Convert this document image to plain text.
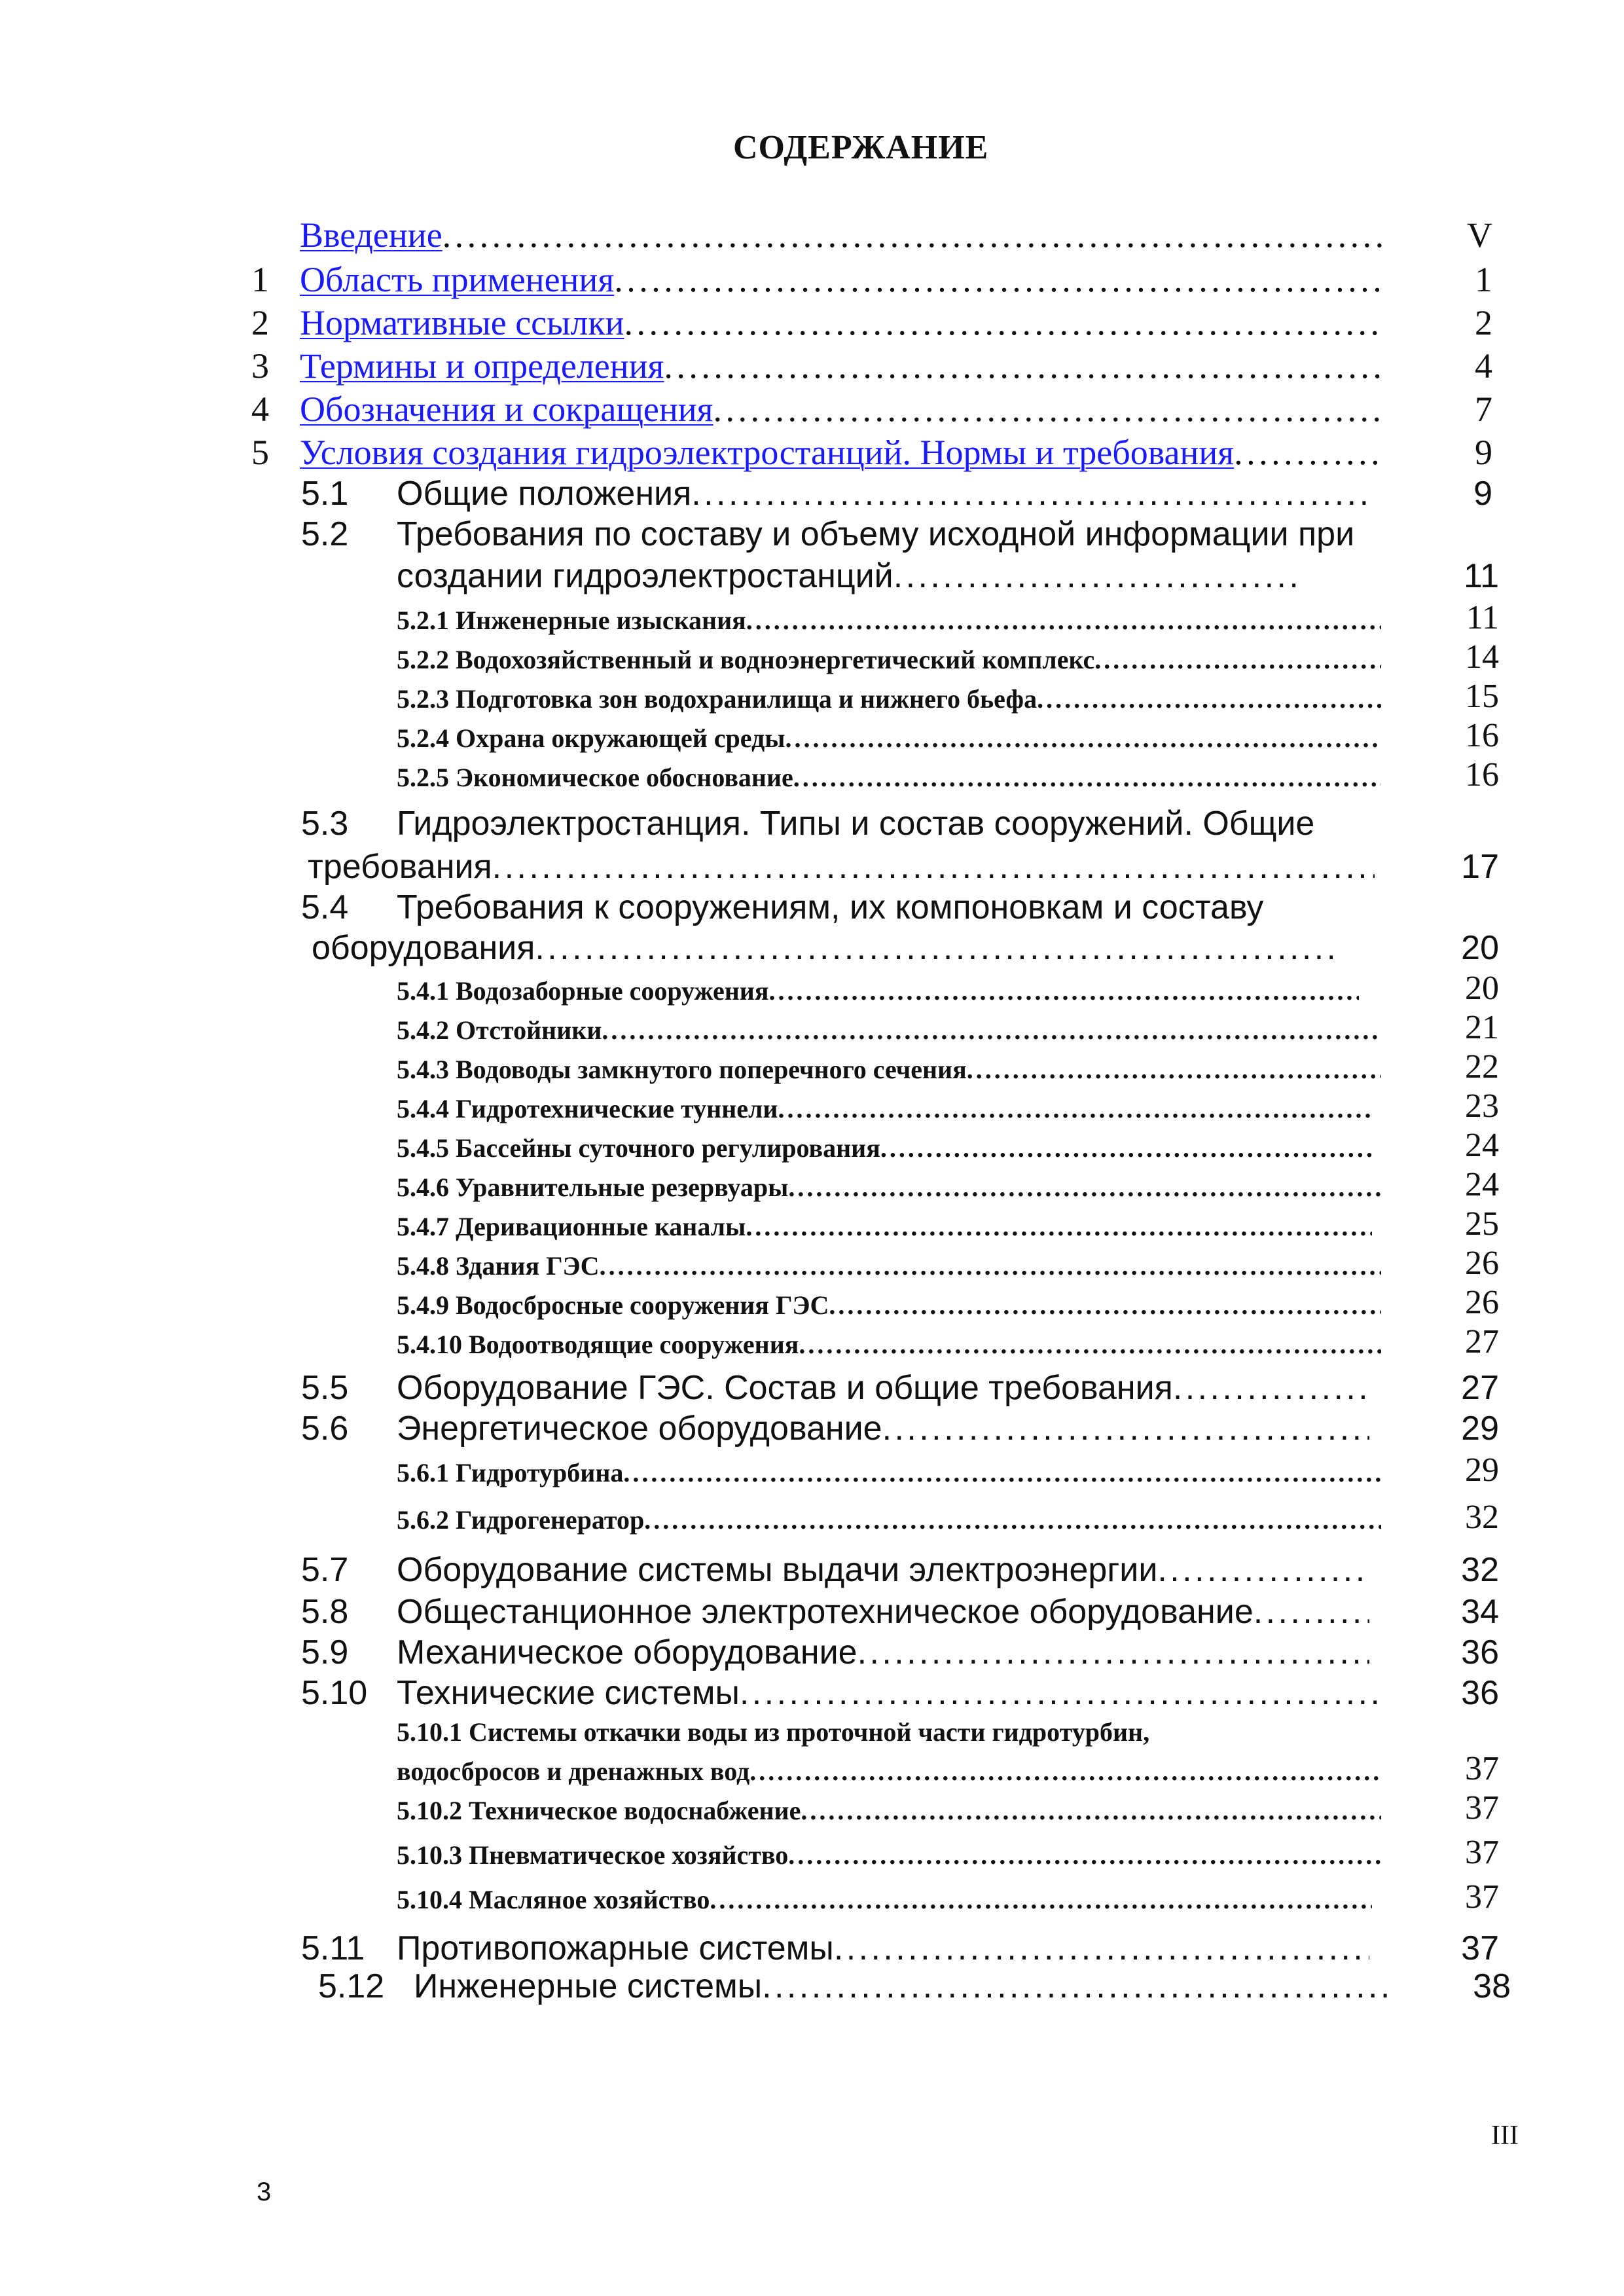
СОДЕРЖАНИЕ
Введение . . .	V
1 Область применения . . .	1
2 Нормативные ссылки . . .	2
3 Термины и определения . . .	4
4 Обозначения и сокращения . . .	7
5 Условия создания гидроэлектростанций. Нормы и требования . . .	9
5.1 Общие положения . . .	9
5.2 Требования по составу и объему исходной информации при
создании гидроэлектростанций . . .	11
5.2.1 Инженерные изыскания . . .	11
5.2.2 Водохозяйственный и водноэнергетический комплекс . . .	14
5.2.3 Подготовка зон водохранилища и нижнего бьефа . . .	15
5.2.4 Охрана окружающей среды . . .	16
5.2.5 Экономическое обоснование . . .	16
5.3 Гидроэлектростанция. Типы и состав сооружений. Общие
требования . . .	17
5.4 Требования к сооружениям, их компоновкам и составу
оборудования . . .	20
5.4.1 Водозаборные сооружения . . .	20
5.4.2 Отстойники . . .	21
5.4.3 Водоводы замкнутого поперечного сечения . . .	22
5.4.4 Гидротехнические туннели . . .	23
5.4.5 Бассейны суточного регулирования . . .	24
5.4.6 Уравнительные резервуары . . .	24
5.4.7 Деривационные каналы . . .	25
5.4.8 Здания ГЭС . . .	26
5.4.9 Водосбросные сооружения ГЭС . . .	26
5.4.10 Водоотводящие сооружения . . .	27
5.5 Оборудование ГЭС. Состав и общие требования . . .	27
5.6 Энергетическое оборудование . . .	29
5.6.1 Гидротурбина . . .	29
5.6.2 Гидрогенератор . . .	32
5.7 Оборудование системы выдачи электроэнергии . . .	32
5.8 Общестанционное электротехническое оборудование . . .	34
5.9 Механическое оборудование . . .	36
5.10 Технические системы . . .	36
5.10.1 Системы откачки воды из проточной части гидротурбин,
водосбросов и дренажных вод . . .	37
5.10.2 Техническое водоснабжение . . .	37
5.10.3 Пневматическое хозяйство . . .	37
5.10.4 Масляное хозяйство . . .	37
5.11 Противопожарные системы . . .	37
5.12 Инженерные системы . . .	38
III
3
